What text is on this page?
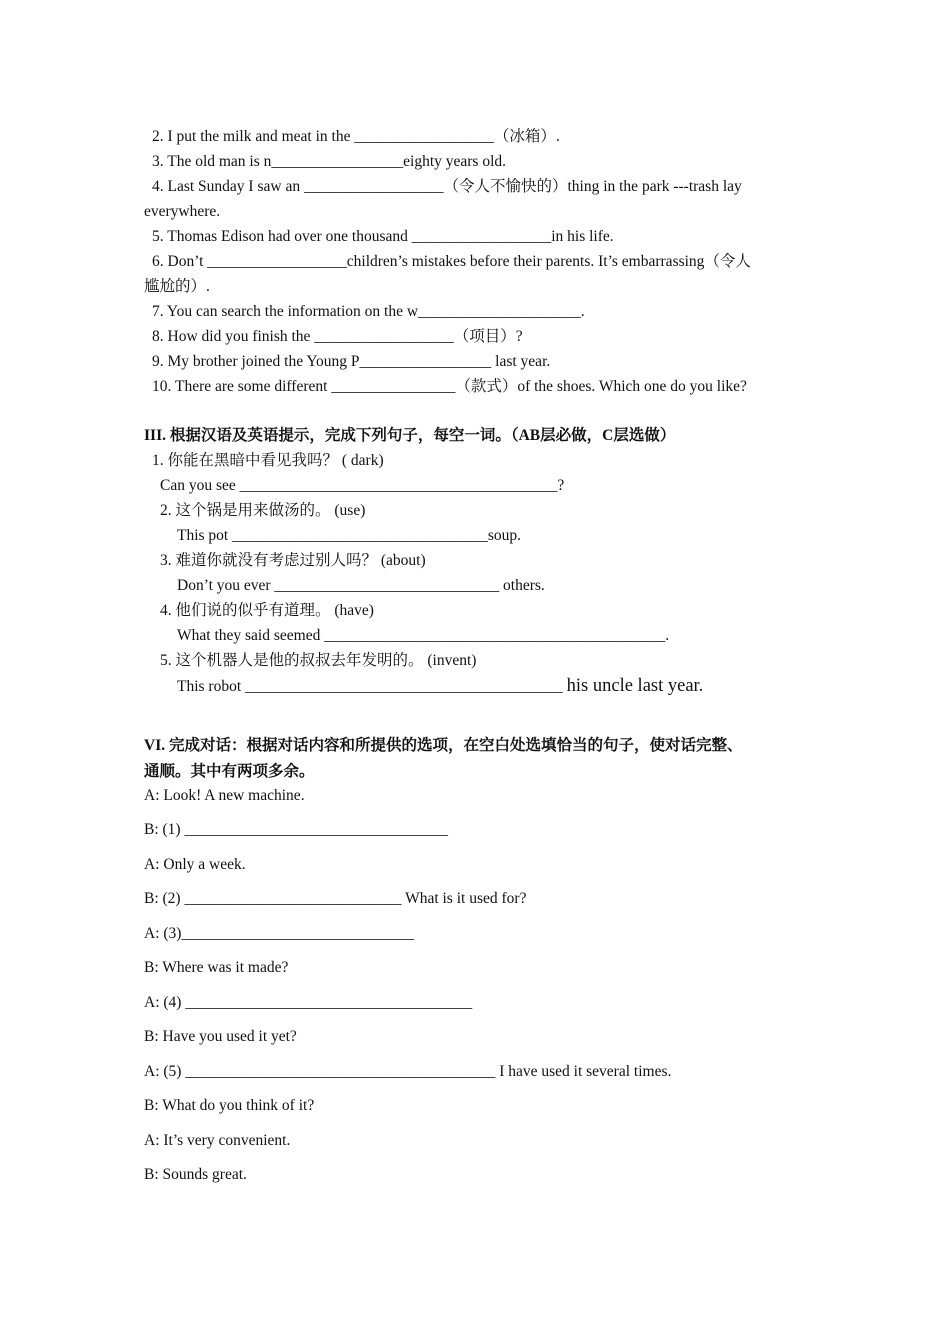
2. I put the milk and meat in the __________________（冰箱）.
3. The old man is n_________________eighty years old.
4. Last Sunday I saw an __________________（令人不愉快的）thing in the park ---trash lay
everywhere.
5. Thomas Edison had over one thousand __________________in his life.
6. Don’t __________________children’s mistakes before their parents. It’s embarrassing（令人
尴尬的）.
7. You can search the information on the w_____________________.
8. How did you finish the __________________（项目）?
9. My brother joined the Young P_________________ last year.
10. There are some different ________________（款式）of the shoes. Which one do you like?
III. 根据汉语及英语提示，完成下列句子，每空一词。（AB层必做，C层选做）
1. 你能在黑暗中看见我吗？ ( dark)
Can you see _________________________________________?
2. 这个锅是用来做汤的。 (use)
This pot _________________________________soup.
3. 难道你就没有考虑过别人吗？ (about)
Don’t you ever _____________________________ others.
4. 他们说的似乎有道理。 (have)
What they said seemed ____________________________________________.
5. 这个机器人是他的叔叔去年发明的。 (invent)
This robot _________________________________________ his uncle last year.
VI. 完成对话：根据对话内容和所提供的选项，在空白处选填恰当的句子，使对话完整、
通顺。其中有两项多余。
A: Look! A new machine.
B: (1) __________________________________
A: Only a week.
B: (2) ____________________________ What is it used for?
A: (3)______________________________
B: Where was it made?
A: (4) _____________________________________
B: Have you used it yet?
A: (5) ________________________________________ I have used it several times.
B: What do you think of it?
A: It’s very convenient.
B: Sounds great.
